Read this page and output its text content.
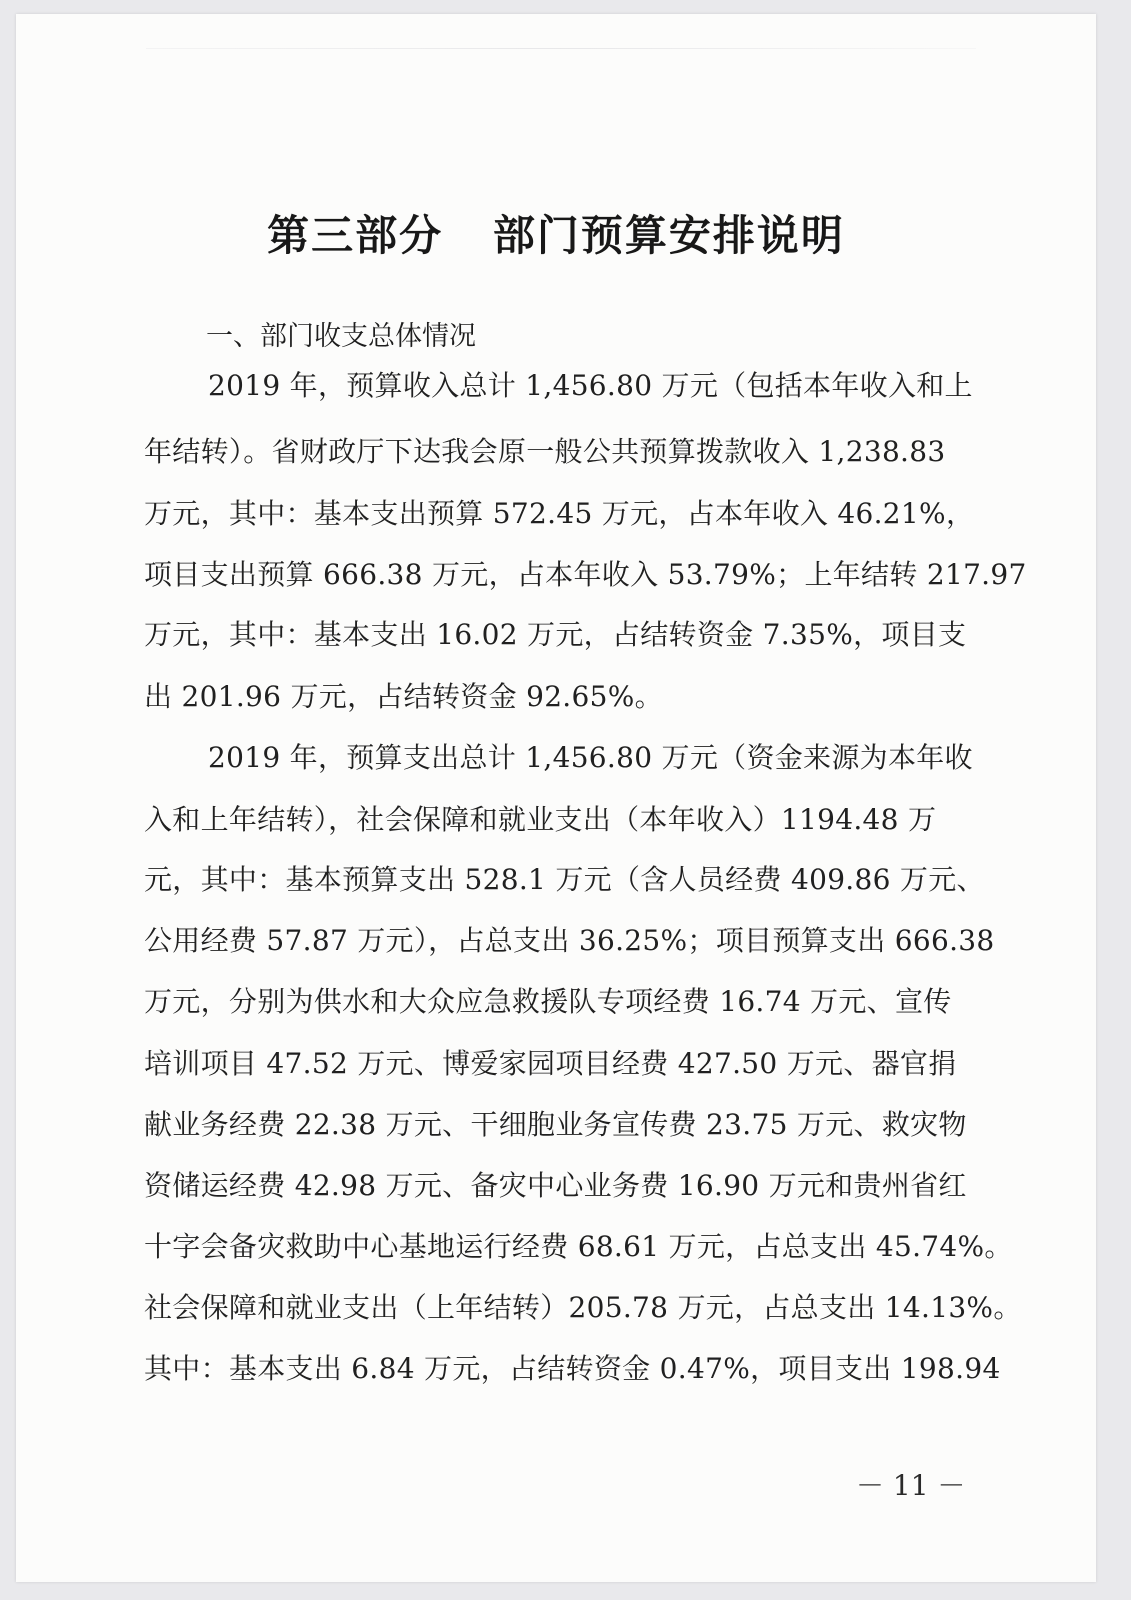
第三部分   部门预算安排说明
一、部门收支总体情况
2019 年，预算收入总计 1,456.80 万元（包括本年收入和上
年结转）。省财政厅下达我会原一般公共预算拨款收入 1,238.83
万元，其中：基本支出预算 572.45 万元，占本年收入 46.21%，
项目支出预算 666.38 万元，占本年收入 53.79%；上年结转 217.97
万元，其中：基本支出 16.02 万元，占结转资金 7.35%，项目支
出 201.96 万元，占结转资金 92.65%。
2019 年，预算支出总计 1,456.80 万元（资金来源为本年收
入和上年结转），社会保障和就业支出（本年收入）1194.48 万
元，其中：基本预算支出 528.1 万元（含人员经费 409.86 万元、
公用经费 57.87 万元），占总支出 36.25%；项目预算支出 666.38
万元，分别为供水和大众应急救援队专项经费 16.74 万元、宣传
培训项目 47.52 万元、博爱家园项目经费 427.50 万元、器官捐
献业务经费 22.38 万元、干细胞业务宣传费 23.75 万元、救灾物
资储运经费 42.98 万元、备灾中心业务费 16.90 万元和贵州省红
十字会备灾救助中心基地运行经费 68.61 万元，占总支出 45.74%。
社会保障和就业支出（上年结转）205.78 万元，占总支出 14.13%。
其中：基本支出 6.84 万元，占结转资金 0.47%，项目支出 198.94
－ 11 －
